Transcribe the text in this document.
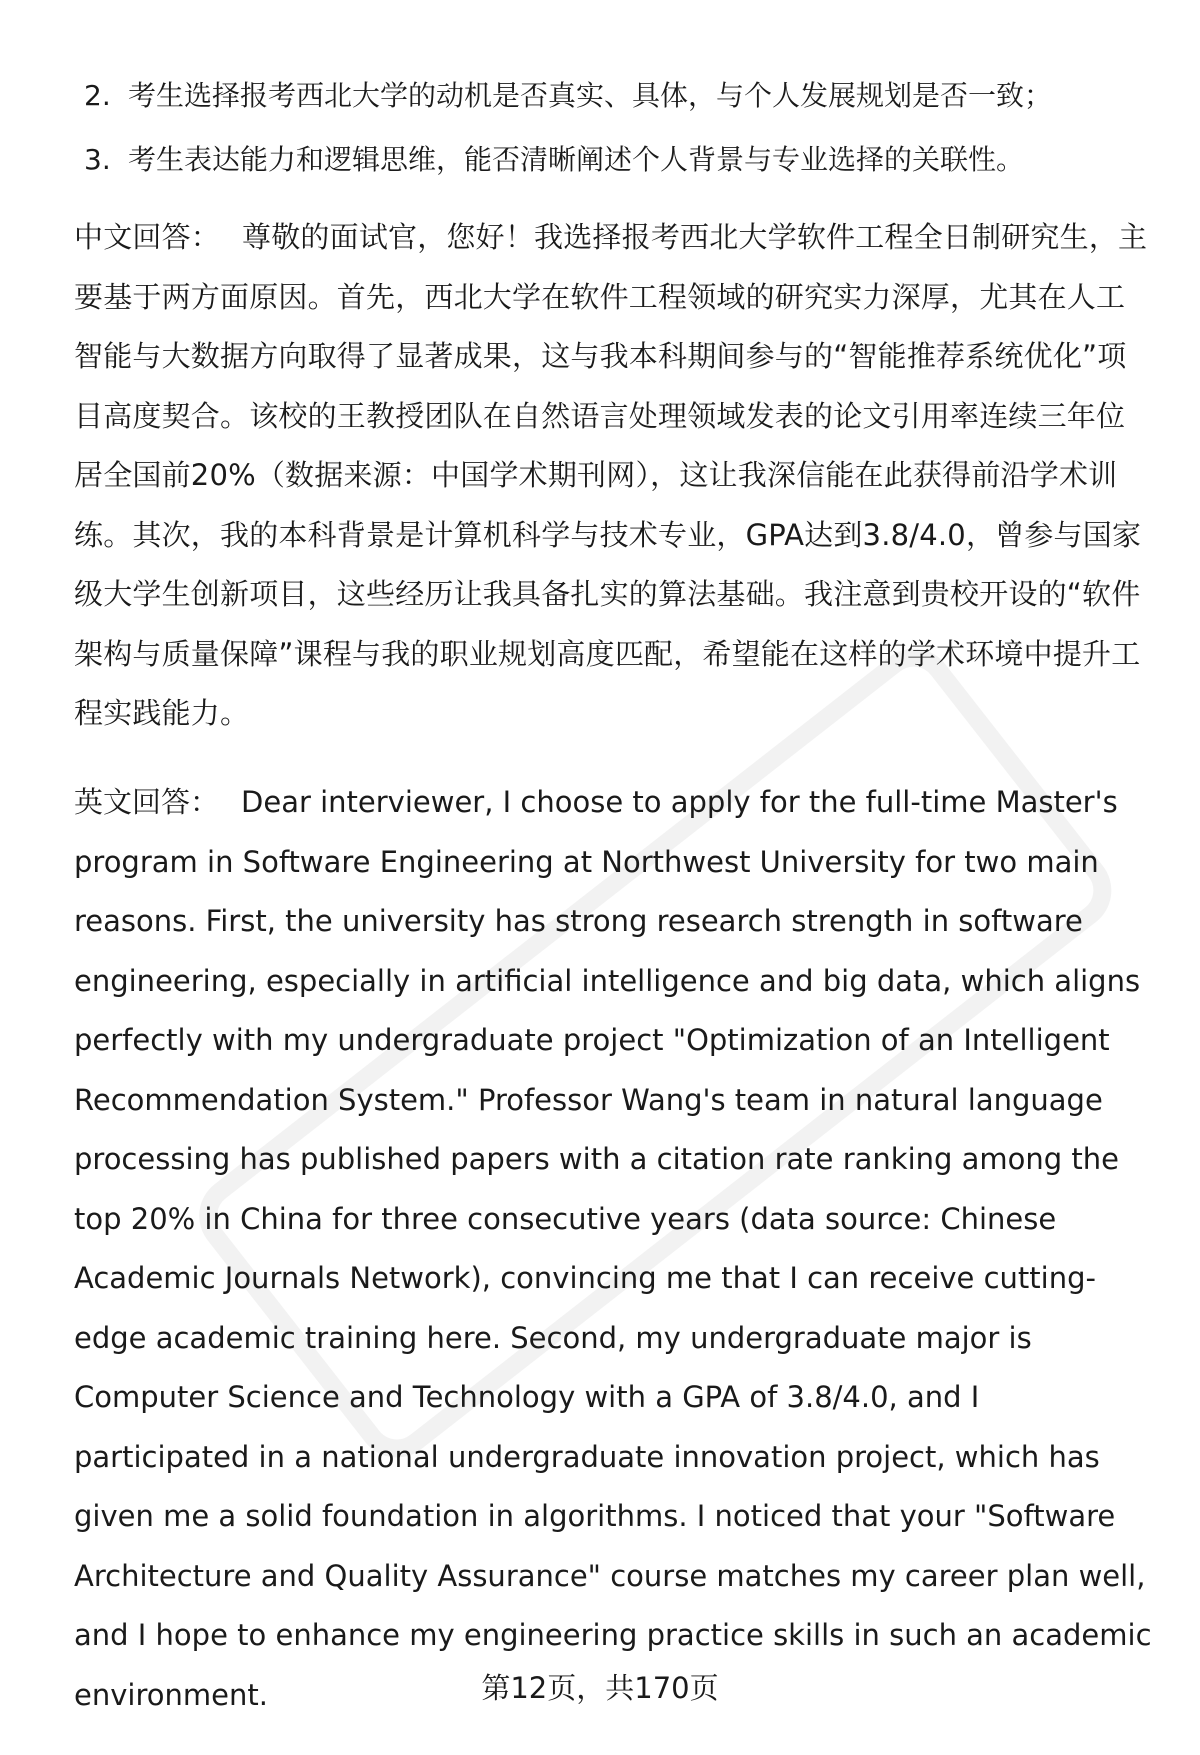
2. 考生选择报考西北大学的动机是否真实、具体，与个人发展规划是否一致；
3. 考生表达能力和逻辑思维，能否清晰阐述个人背景与专业选择的关联性。
中文回答： 尊敬的面试官，您好！我选择报考西北大学软件工程全日制研究生，主要基于两方面原因。首先，西北大学在软件工程领域的研究实力深厚，尤其在人工智能与大数据方向取得了显著成果，这与我本科期间参与的“智能推荐系统优化”项目高度契合。该校的王教授团队在自然语言处理领域发表的论文引用率连续三年位居全国前20%（数据来源：中国学术期刊网），这让我深信能在此获得前沿学术训练。其次，我的本科背景是计算机科学与技术专业，GPA达到3.8/4.0，曾参与国家级大学生创新项目，这些经历让我具备扎实的算法基础。我注意到贵校开设的“软件架构与质量保障”课程与我的职业规划高度匹配，希望能在这样的学术环境中提升工程实践能力。
英文回答： Dear interviewer, I choose to apply for the full-time Master's program in Software Engineering at Northwest University for two main reasons. First, the university has strong research strength in software engineering, especially in artificial intelligence and big data, which aligns perfectly with my undergraduate project "Optimization of an Intelligent Recommendation System." Professor Wang's team in natural language processing has published papers with a citation rate ranking among the top 20% in China for three consecutive years (data source: Chinese Academic Journals Network), convincing me that I can receive cutting-edge academic training here. Second, my undergraduate major is Computer Science and Technology with a GPA of 3.8/4.0, and I participated in a national undergraduate innovation project, which has given me a solid foundation in algorithms. I noticed that your "Software Architecture and Quality Assurance" course matches my career plan well, and I hope to enhance my engineering practice skills in such an academic environment.	第12页，共170页
